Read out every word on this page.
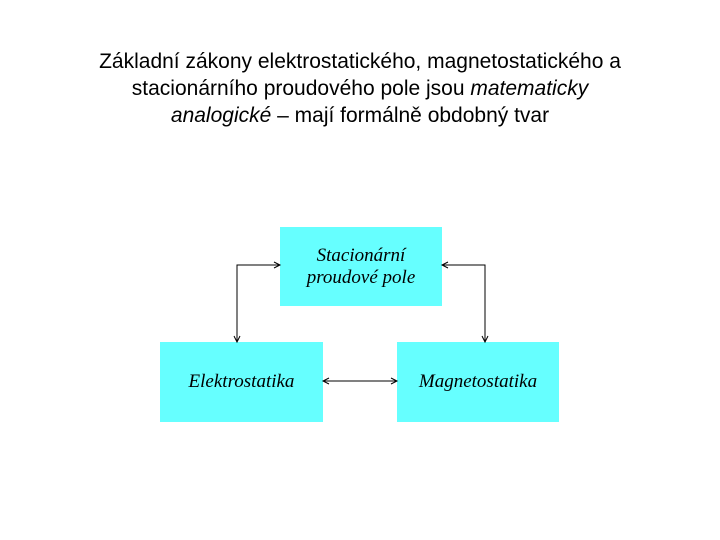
Základní zákony elektrostatického, magnetostatického a
stacionárního proudového pole jsou matematicky
analogické – mají formálně obdobný tvar
Stacionární
proudové pole
Elektrostatika	Magnetostatika
